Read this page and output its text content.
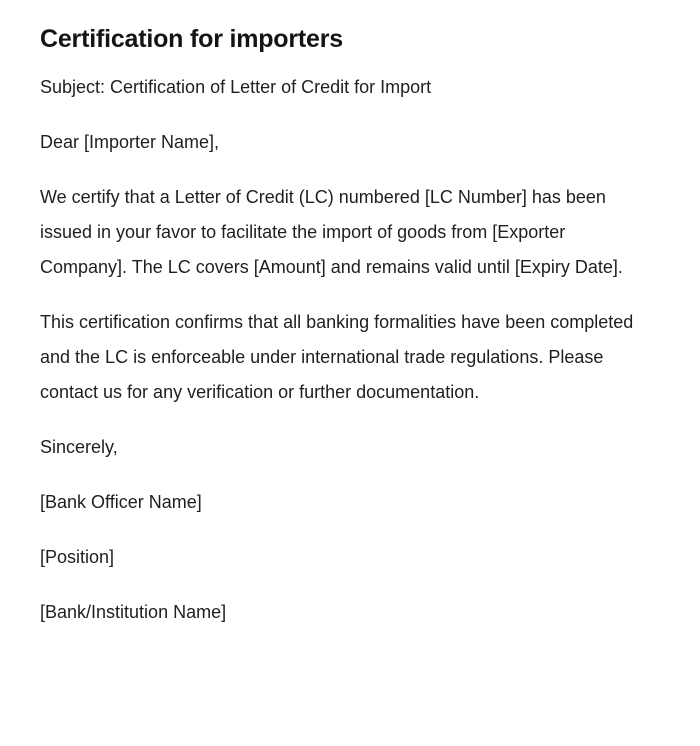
Certification for importers

Subject: Certification of Letter of Credit for Import

Dear [Importer Name],

We certify that a Letter of Credit (LC) numbered [LC Number] has been issued in your favor to facilitate the import of goods from [Exporter Company]. The LC covers [Amount] and remains valid until [Expiry Date].

This certification confirms that all banking formalities have been completed and the LC is enforceable under international trade regulations. Please contact us for any verification or further documentation.

Sincerely,

[Bank Officer Name]

[Position]

[Bank/Institution Name]
